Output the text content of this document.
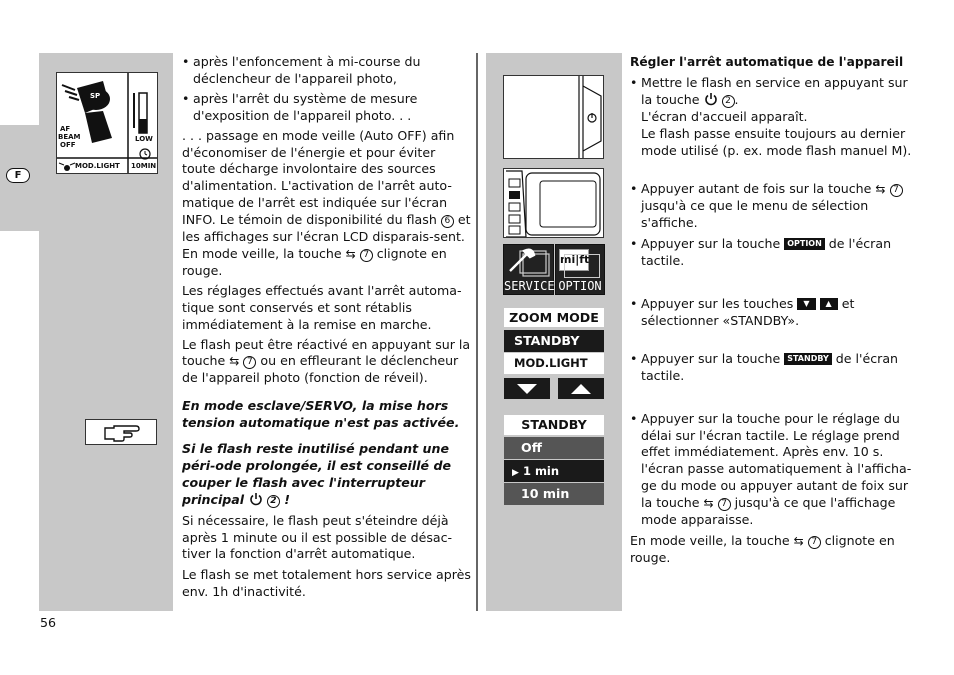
F
SP
AF
BEAM
OFF
LOW
MOD.LIGHT 10MIN
• après l'enfoncement à mi-course du déclencheur de l'appareil photo,
• après l'arrêt du système de mesure d'exposition de l'appareil photo. . .

. . . passage en mode veille (Auto OFF) afin d'économiser de l'énergie et pour éviter toute décharge involontaire des sources d'alimentation. L'activation de l'arrêt auto-matique de l'arrêt est indiquée sur l'écran INFO. Le témoin de disponibilité du flash 6 et les affichages sur l'écran LCD disparais-sent.
En mode veille, la touche ⇆ 7 clignote en rouge.

Les réglages effectués avant l'arrêt automa-tique sont conservés et sont rétablis immédiatement à la remise en marche.

Le flash peut être réactivé en appuyant sur la touche ⇆ 7 ou en effleurant le déclencheur de l'appareil photo (fonction de réveil).

En mode esclave/SERVO, la mise hors tension automatique n'est pas activée.

Si le flash reste inutilisé pendant une péri-ode prolongée, il est conseillé de couper le flash avec l'interrupteur principal  2 !

Si nécessaire, le flash peut s'éteindre déjà après 1 minute ou il est possible de désac-tiver la fonction d'arrêt automatique.

Le flash se met totalement hors service après env. 1h d'inactivité.

SERVICE
mi|ft
OPTION
ZOOM MODE
STANDBY
MOD.LIGHT
STANDBY
Off
▶ 1 min
10 min

Régler l'arrêt automatique de l'appareil

• Mettre le flash en service en appuyant sur la touche  2 .
L'écran d'accueil apparaît.
Le flash passe ensuite toujours au dernier mode utilisé (p. ex. mode flash manuel M).
• Appuyer autant de fois sur la touche ⇆ 7 jusqu'à ce que le menu de sélection s'affiche.
• Appuyer sur la touche OPTION de l'écran tactile.
• Appuyer sur les touches ▼ ▲ et sélectionner «STANDBY».
• Appuyer sur la touche STANDBY de l'écran tactile.
• Appuyer sur la touche pour le réglage du délai sur l'écran tactile. Le réglage prend effet immédiatement. Après env. 10 s. l'écran passe automatiquement à l'afficha-ge du mode ou appuyer autant de foix sur la touche ⇆ 7 jusqu'à ce que l'affichage mode apparaisse.

En mode veille, la touche ⇆ 7 clignote en rouge.

56
